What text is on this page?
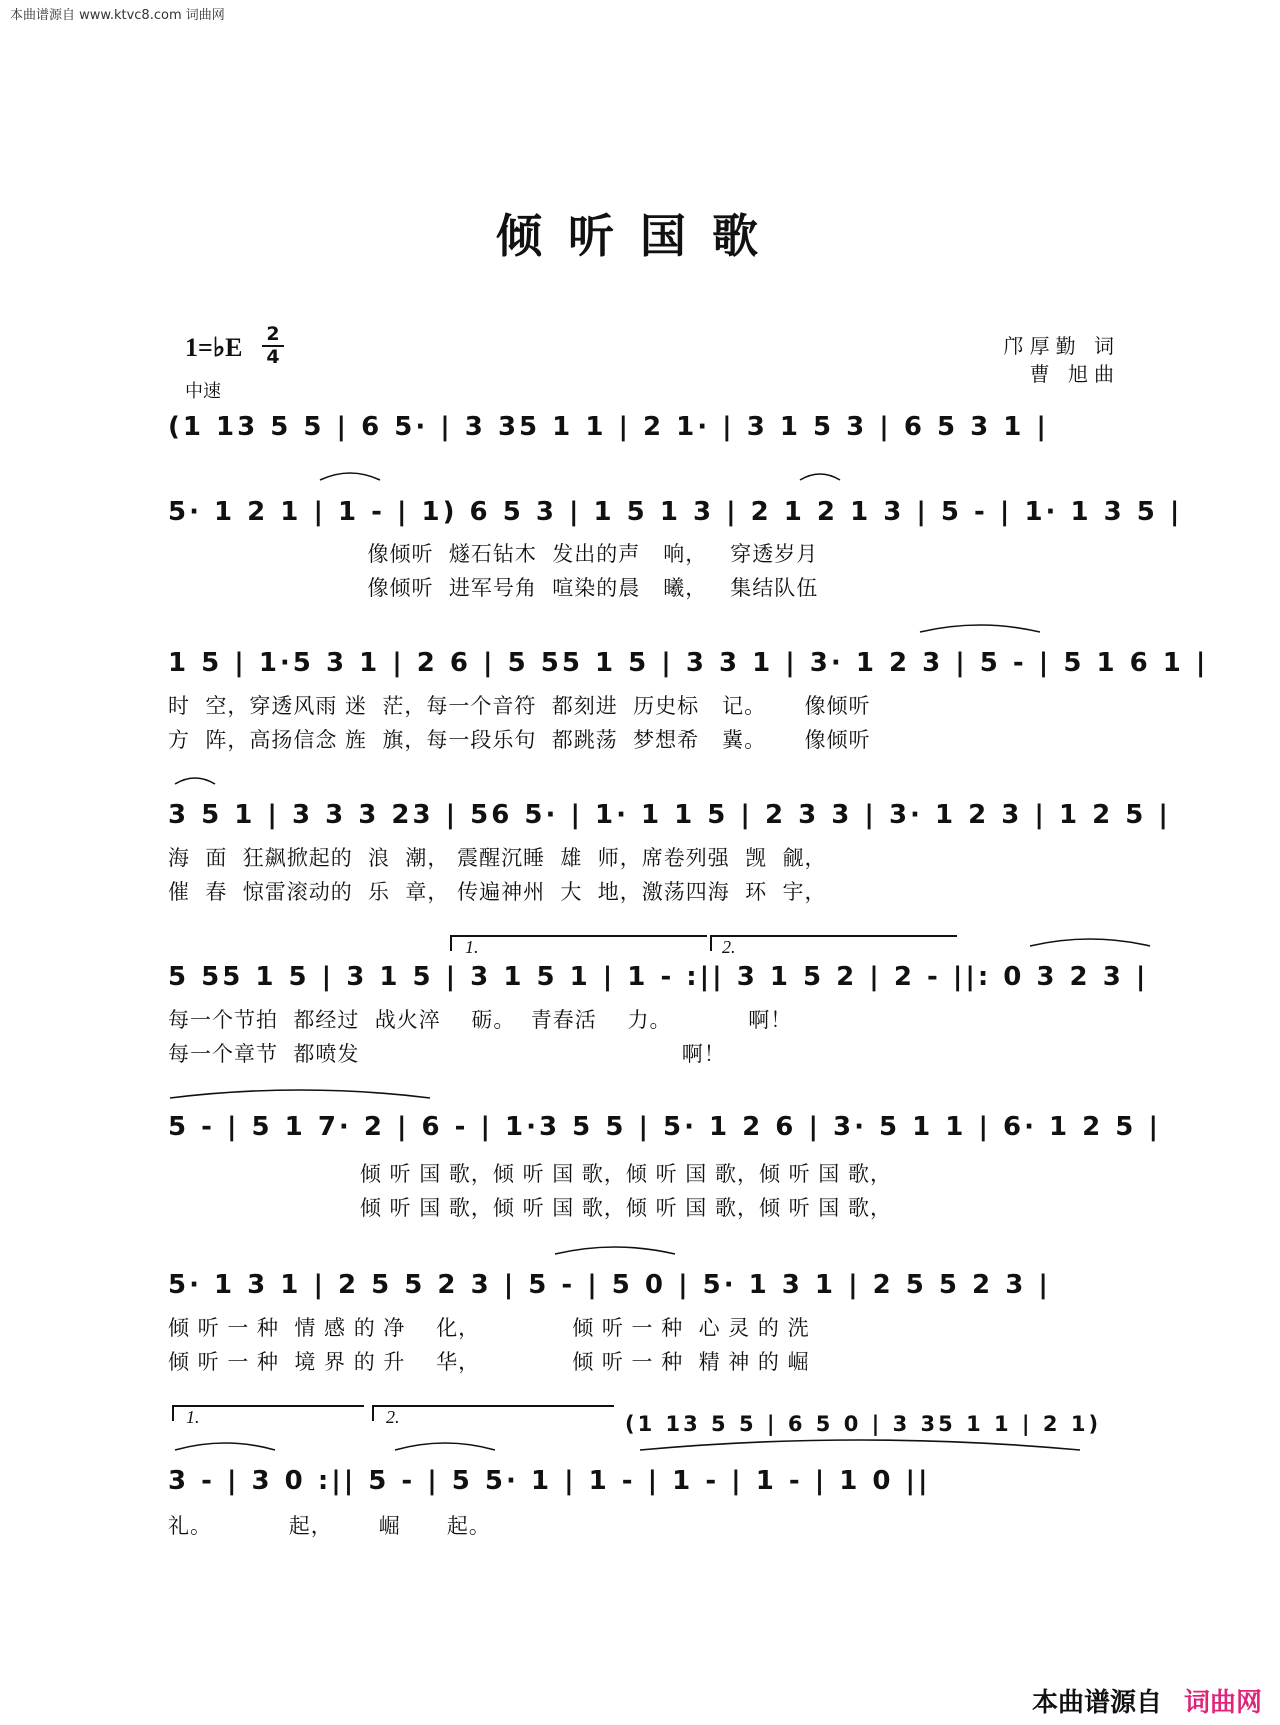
本曲谱源自 www.ktvc8.com 词曲网
倾听国歌
1=♭E 2
4
中速
邝厚勤 词
曹 旭曲
(1 13 5 5 | 6 5· | 3 35 1 1 | 2 1· | 3 1 5 3 | 6 5 3 1 |
5· 1 2 1 | 1 - | 1) 6 5 3 | 1 5 1 3 | 2 1 2 1 3 | 5 - | 1· 1 3 5 |
像倾听  燧石钻木  发出的声   响，   穿透岁月
像倾听  进军号角  喧染的晨   曦，   集结队伍
1 5 | 1·5 3 1 | 2 6 | 5 55 1 5 | 3 3 1 | 3· 1 2 3 | 5 - | 5 1 6 1 |
时  空，穿透风雨 迷  茫，每一个音符  都刻进  历史标   记。     像倾听
方  阵，高扬信念 旌  旗，每一段乐句  都跳荡  梦想希   冀。     像倾听
3 5 1 | 3 3 3 23 | 56 5· | 1· 1 1 5 | 2 3 3 | 3· 1 2 3 | 1 2 5 |
海  面  狂飙掀起的  浪  潮， 震醒沉睡  雄  师，席卷列强  觊  觎，
催  春  惊雷滚动的  乐  章， 传遍神州  大  地，激荡四海  环  宇，
1.	2.
5 55 1 5 | 3 1 5 | 3 1 5 1 | 1 - :|| 3 1 5 2 | 2 - ||: 0 3 2 3 |
每一个节拍  都经过  战火淬    砺。  青春活    力。          啊！
每一个章节  都喷发                                          啊！
5 - | 5 1 7· 2 | 6 - | 1·3 5 5 | 5· 1 2 6 | 3· 5 1 1 | 6· 1 2 5 |
倾 听 国 歌，倾 听 国 歌，倾 听 国 歌，倾 听 国 歌，
倾 听 国 歌，倾 听 国 歌，倾 听 国 歌，倾 听 国 歌，
5· 1 3 1 | 2 5 5 2 3 | 5 - | 5 0 | 5· 1 3 1 | 2 5 5 2 3 |
倾 听 一 种  情 感 的 净    化，            倾 听 一 种  心 灵 的 洗
倾 听 一 种  境 界 的 升    华，            倾 听 一 种  精 神 的 崛
1.	2.	(1 13 5 5 | 6 5 0 | 3 35 1 1 | 2 1)
3 - | 3 0 :|| 5 - | 5 5· 1 | 1 - | 1 - | 1 - | 1 0 ||
礼。          起，      崛      起。
本曲谱源自 词曲网
